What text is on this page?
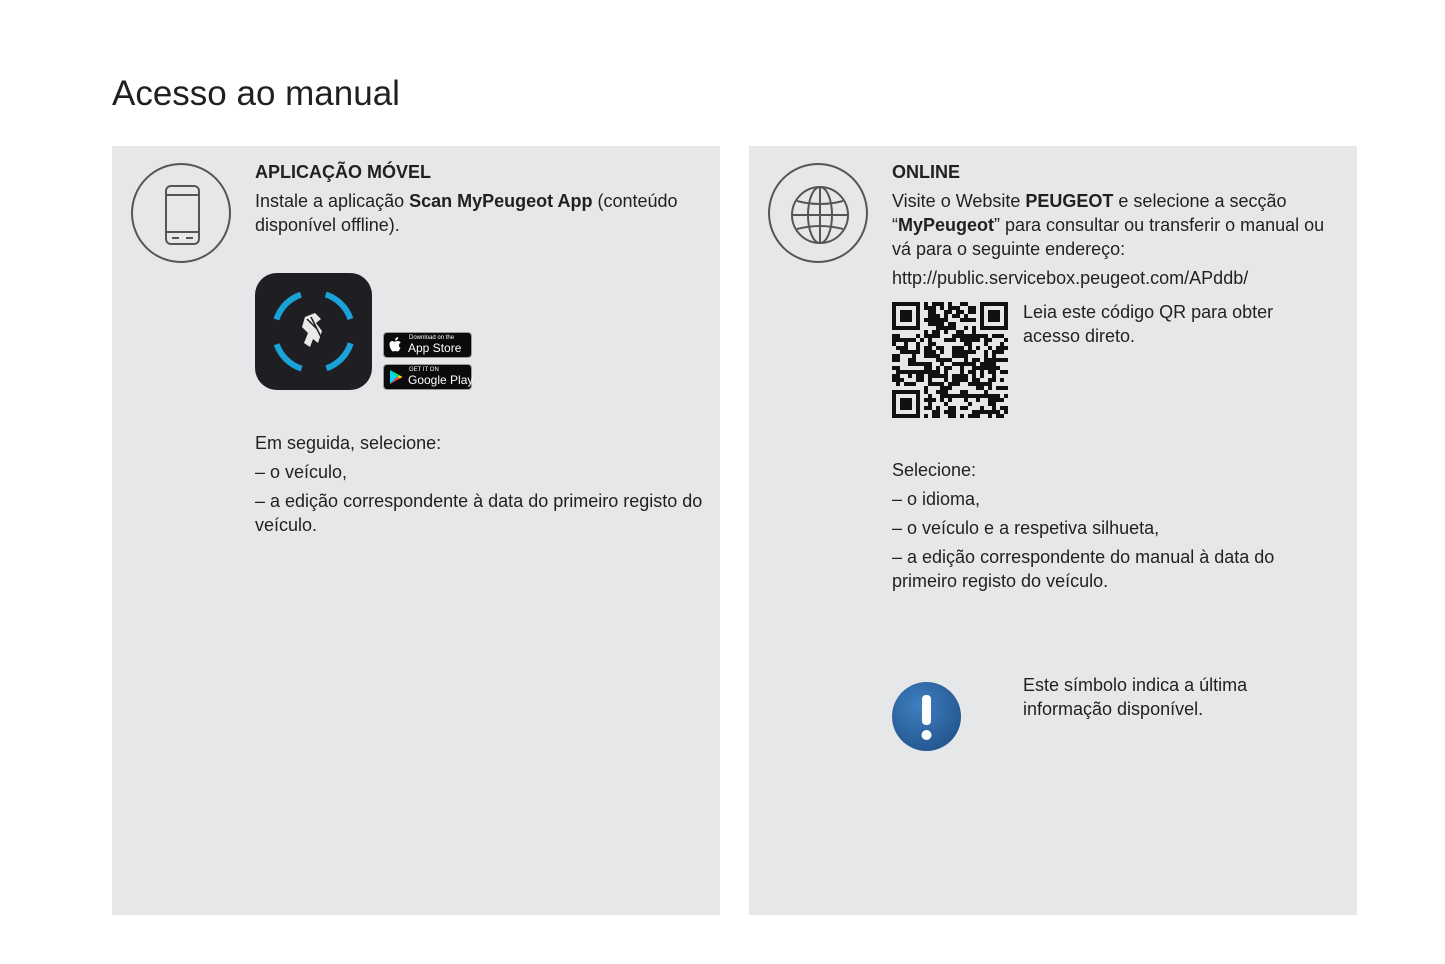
Acesso ao manual

APLICAÇÃO MÓVEL

Instale a aplicação Scan MyPeugeot App (conteúdo disponível offline).

Download on the
App Store
GET IT ON
Google Play

Em seguida, selecione:

– o veículo,

– a edição correspondente à data do primeiro registo do veículo.

ONLINE

Visite o Website PEUGEOT e selecione a secção “MyPeugeot” para consultar ou transferir o manual ou vá para o seguinte endereço:

http://public.servicebox.peugeot.com/APddb/

Leia este código QR para obter acesso direto.

Selecione:

– o idioma,

– o veículo e a respetiva silhueta,

– a edição correspondente do manual à data do primeiro registo do veículo.

Este símbolo indica a última informação disponível.
